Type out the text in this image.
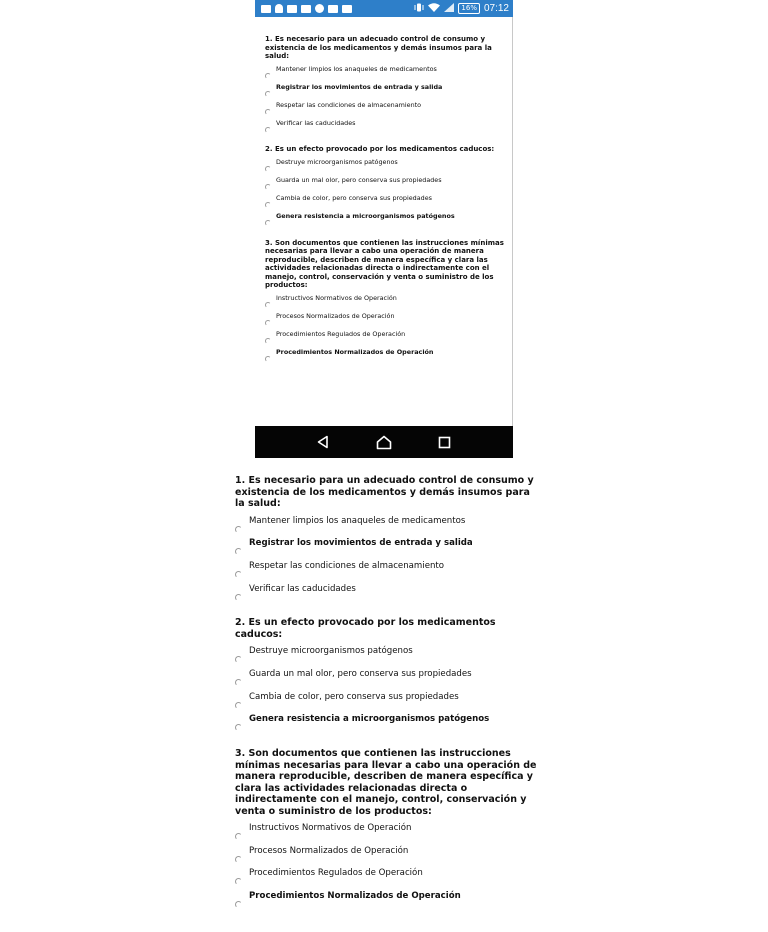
16% 07:12
1. Es necesario para un adecuado control de consumo y existencia de los medicamentos y demás insumos para la salud:
Mantener limpios los anaqueles de medicamentos
Registrar los movimientos de entrada y salida
Respetar las condiciones de almacenamiento
Verificar las caducidades
2. Es un efecto provocado por los medicamentos caducos:
Destruye microorganismos patógenos
Guarda un mal olor, pero conserva sus propiedades
Cambia de color, pero conserva sus propiedades
Genera resistencia a microorganismos patógenos
3. Son documentos que contienen las instrucciones mínimas necesarias para llevar a cabo una operación de manera reproducible, describen de manera específica y clara las actividades relacionadas directa o indirectamente con el manejo, control, conservación y venta o suministro de los productos:
Instructivos Normativos de Operación
Procesos Normalizados de Operación
Procedimientos Regulados de Operación
Procedimientos Normalizados de Operación
1. Es necesario para un adecuado control de consumo y existencia de los medicamentos y demás insumos para la salud:
Mantener limpios los anaqueles de medicamentos
Registrar los movimientos de entrada y salida
Respetar las condiciones de almacenamiento
Verificar las caducidades
2. Es un efecto provocado por los medicamentos caducos:
Destruye microorganismos patógenos
Guarda un mal olor, pero conserva sus propiedades
Cambia de color, pero conserva sus propiedades
Genera resistencia a microorganismos patógenos
3. Son documentos que contienen las instrucciones mínimas necesarias para llevar a cabo una operación de manera reproducible, describen de manera específica y clara las actividades relacionadas directa o indirectamente con el manejo, control, conservación y venta o suministro de los productos:
Instructivos Normativos de Operación
Procesos Normalizados de Operación
Procedimientos Regulados de Operación
Procedimientos Normalizados de Operación
